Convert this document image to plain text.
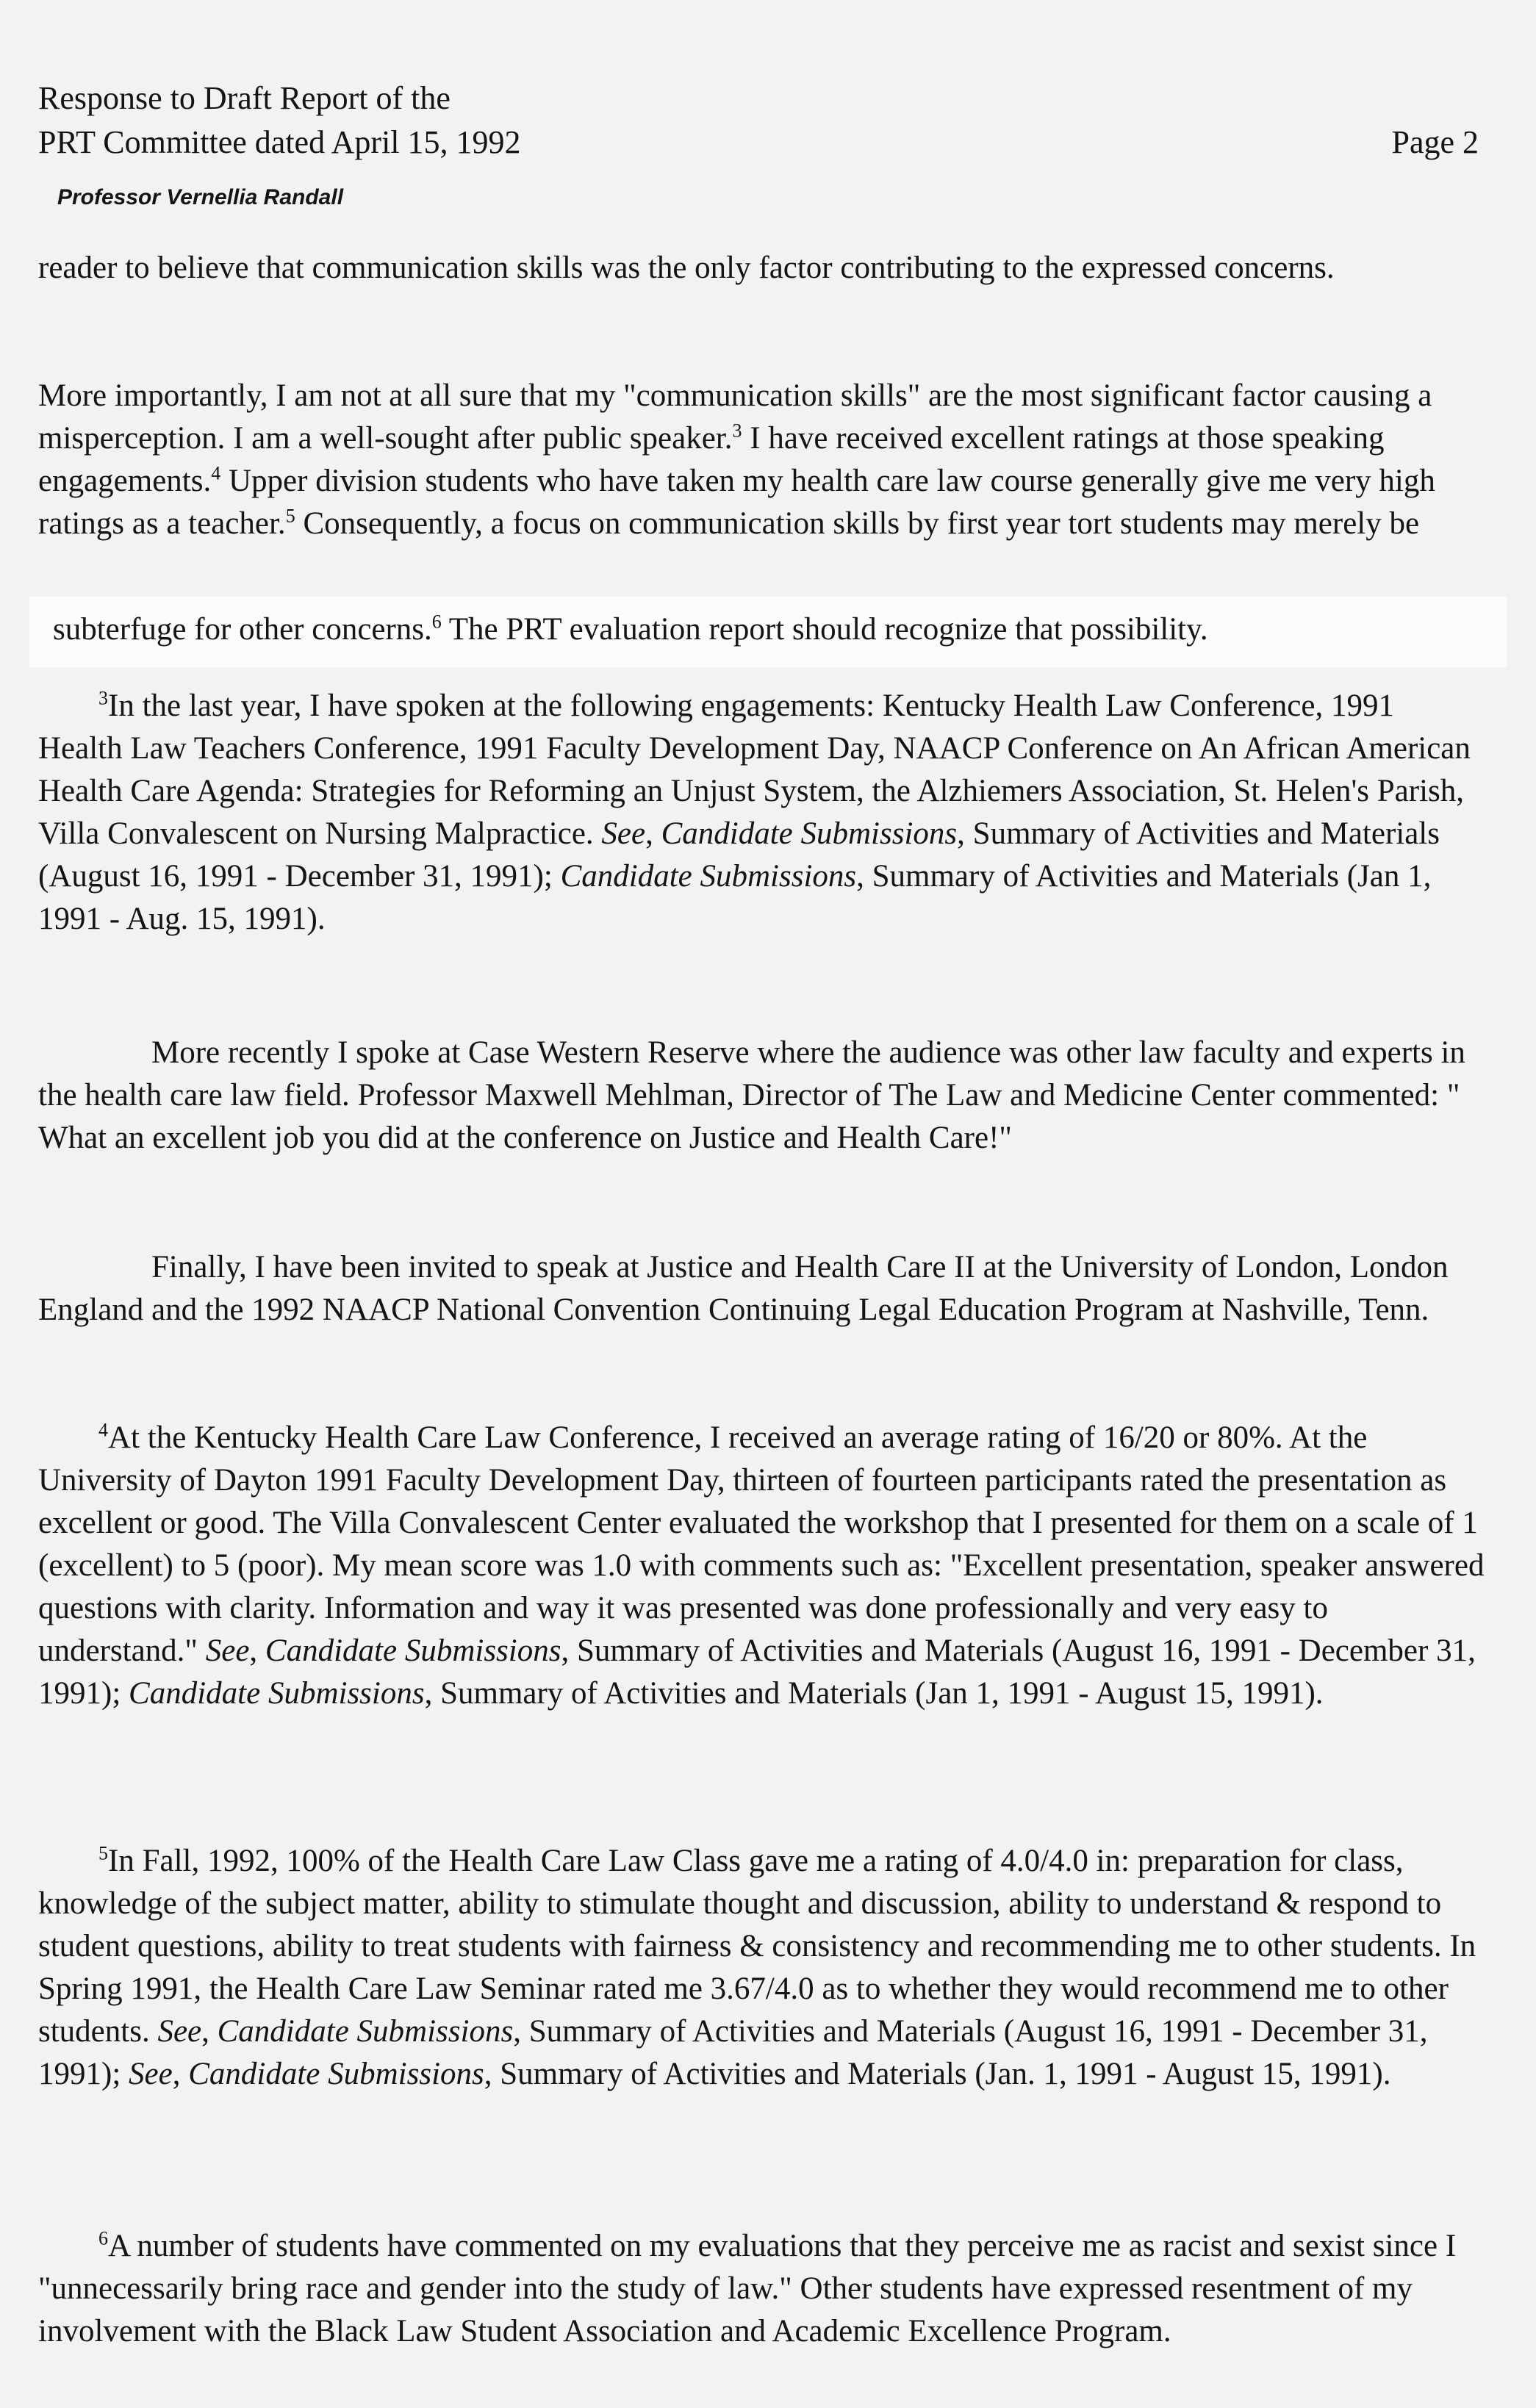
Response to Draft Report of the
PRT Committee dated April 15, 1992	Page 2
Professor Vernellia Randall

reader to believe that communication skills was the only factor contributing to the expressed concerns.

More importantly, I am not at all sure that my "communication skills" are the most significant factor causing a misperception. I am a well-sought after public speaker.$^3$ I have received excellent ratings at those speaking engagements.$^4$ Upper division students who have taken my health care law course generally give me very high ratings as a teacher.$^5$ Consequently, a focus on communication skills by first year tort students may merely be

subterfuge for other concerns.$^6$ The PRT evaluation report should recognize that possibility.

$^3$In the last year, I have spoken at the following engagements: Kentucky Health Law Conference, 1991 Health Law Teachers Conference, 1991 Faculty Development Day, NAACP Conference on An African American Health Care Agenda: Strategies for Reforming an Unjust System, the Alzhiemers Association, St. Helen's Parish, Villa Convalescent on Nursing Malpractice. See, Candidate Submissions, Summary of Activities and Materials (August 16, 1991 - December 31, 1991); Candidate Submissions, Summary of Activities and Materials (Jan 1, 1991 - Aug. 15, 1991).

More recently I spoke at Case Western Reserve where the audience was other law faculty and experts in the health care law field. Professor Maxwell Mehlman, Director of The Law and Medicine Center commented: " What an excellent job you did at the conference on Justice and Health Care!"

Finally, I have been invited to speak at Justice and Health Care II at the University of London, London England and the 1992 NAACP National Convention Continuing Legal Education Program at Nashville, Tenn.

$^4$At the Kentucky Health Care Law Conference, I received an average rating of 16/20 or 80%. At the University of Dayton 1991 Faculty Development Day, thirteen of fourteen participants rated the presentation as excellent or good. The Villa Convalescent Center evaluated the workshop that I presented for them on a scale of 1 (excellent) to 5 (poor). My mean score was 1.0 with comments such as: "Excellent presentation, speaker answered questions with clarity. Information and way it was presented was done professionally and very easy to understand." See, Candidate Submissions, Summary of Activities and Materials (August 16, 1991 - December 31, 1991); Candidate Submissions, Summary of Activities and Materials (Jan 1, 1991 - August 15, 1991).

$^5$In Fall, 1992, 100% of the Health Care Law Class gave me a rating of 4.0/4.0 in: preparation for class, knowledge of the subject matter, ability to stimulate thought and discussion, ability to understand & respond to student questions, ability to treat students with fairness & consistency and recommending me to other students. In Spring 1991, the Health Care Law Seminar rated me 3.67/4.0 as to whether they would recommend me to other students. See, Candidate Submissions, Summary of Activities and Materials (August 16, 1991 - December 31, 1991); See, Candidate Submissions, Summary of Activities and Materials (Jan. 1, 1991 - August 15, 1991).

$^6$A number of students have commented on my evaluations that they perceive me as racist and sexist since I "unnecessarily bring race and gender into the study of law." Other students have expressed resentment of my involvement with the Black Law Student Association and Academic Excellence Program.
